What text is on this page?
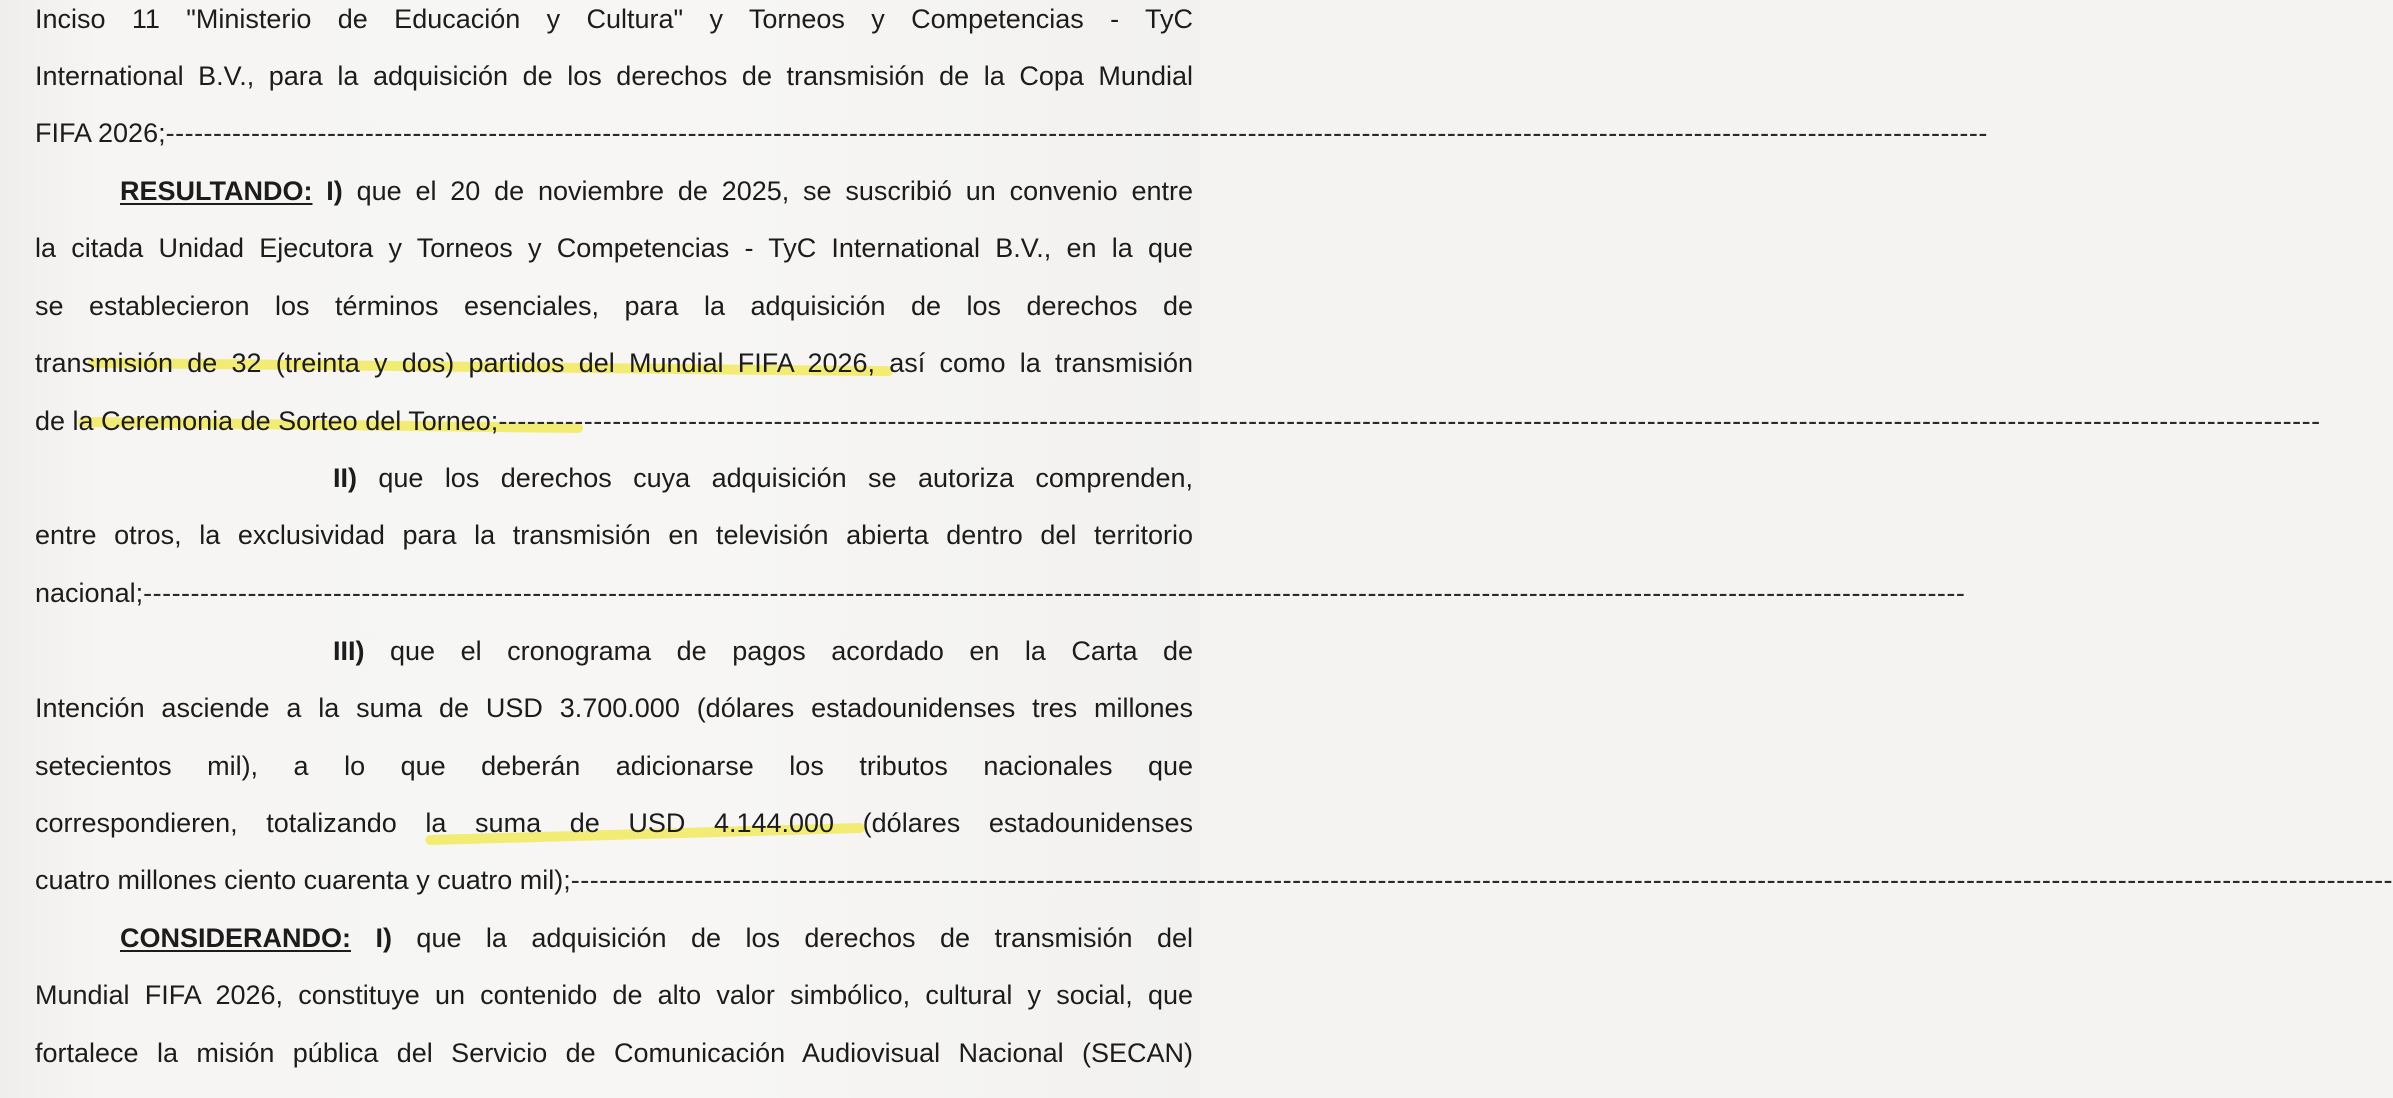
Inciso 11 "Ministerio de Educación y Cultura" y Torneos y Competencias - TyC
International B.V., para la adquisición de los derechos de transmisión de la Copa Mundial
FIFA 2026; ------------------------------------------------------------------------------------------------------------------------------------------------------------------------------------------------
RESULTANDO: I) que el 20 de noviembre de 2025, se suscribió un convenio entre
la citada Unidad Ejecutora y Torneos y Competencias - TyC International B.V., en la que
se establecieron los términos esenciales, para la adquisición de los derechos de
transmisión de 32 (treinta y dos) partidos del Mundial FIFA 2026, así como la transmisión
de la Ceremonia de Sorteo del Torneo; ------------------------------------------------------------------------------------------------------------------------------------------------------------------------------------------------
II) que los derechos cuya adquisición se autoriza comprenden,
entre otros, la exclusividad para la transmisión en televisión abierta dentro del territorio
nacional; ------------------------------------------------------------------------------------------------------------------------------------------------------------------------------------------------
III) que el cronograma de pagos acordado en la Carta de
Intención asciende a la suma de USD 3.700.000 (dólares estadounidenses tres millones
setecientos mil), a lo que deberán adicionarse los tributos nacionales que
correspondieren, totalizando la suma de USD 4.144.000 (dólares estadounidenses
cuatro millones ciento cuarenta y cuatro mil); ------------------------------------------------------------------------------------------------------------------------------------------------------------------------------------------------
CONSIDERANDO: I) que la adquisición de los derechos de transmisión del
Mundial FIFA 2026, constituye un contenido de alto valor simbólico, cultural y social, que
fortalece la misión pública del Servicio de Comunicación Audiovisual Nacional (SECAN)
